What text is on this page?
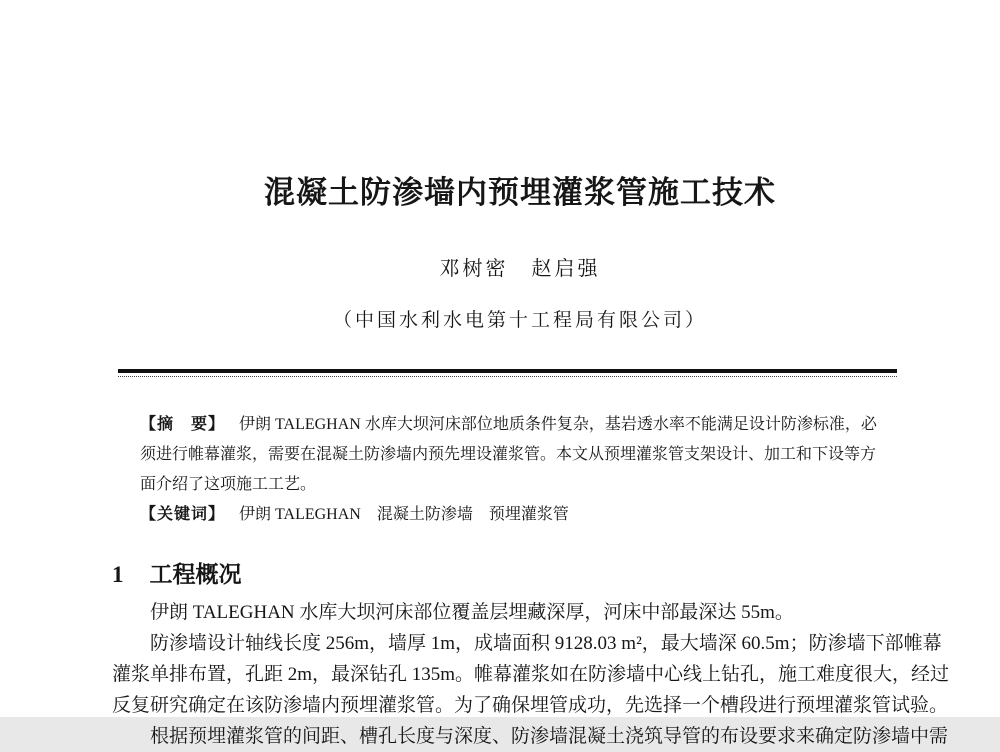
混凝土防渗墙内预埋灌浆管施工技术
邓树密　赵启强
（中国水利水电第十工程局有限公司）
【摘　要】 伊朗 TALEGHAN 水库大坝河床部位地质条件复杂，基岩透水率不能满足设计防渗标准，必
须进行帷幕灌浆，需要在混凝土防渗墙内预先埋设灌浆管。本文从预埋灌浆管支架设计、加工和下设等方
面介绍了这项施工工艺。
【关键词】 伊朗 TALEGHAN　混凝土防渗墙　预埋灌浆管
1 工程概况
伊朗 TALEGHAN 水库大坝河床部位覆盖层埋藏深厚，河床中部最深达 55m。
防渗墙设计轴线长度 256m，墙厚 1m，成墙面积 9128.03 m²，最大墙深 60.5m；防渗墙下部帷幕
灌浆单排布置，孔距 2m，最深钻孔 135m。帷幕灌浆如在防渗墙中心线上钻孔，施工难度很大，经过
反复研究确定在该防渗墙内预埋灌浆管。为了确保埋管成功，先选择一个槽段进行预埋灌浆管试验。
根据预埋灌浆管的间距、槽孔长度与深度、防渗墙混凝土浇筑导管的布设要求来确定防渗墙中需
